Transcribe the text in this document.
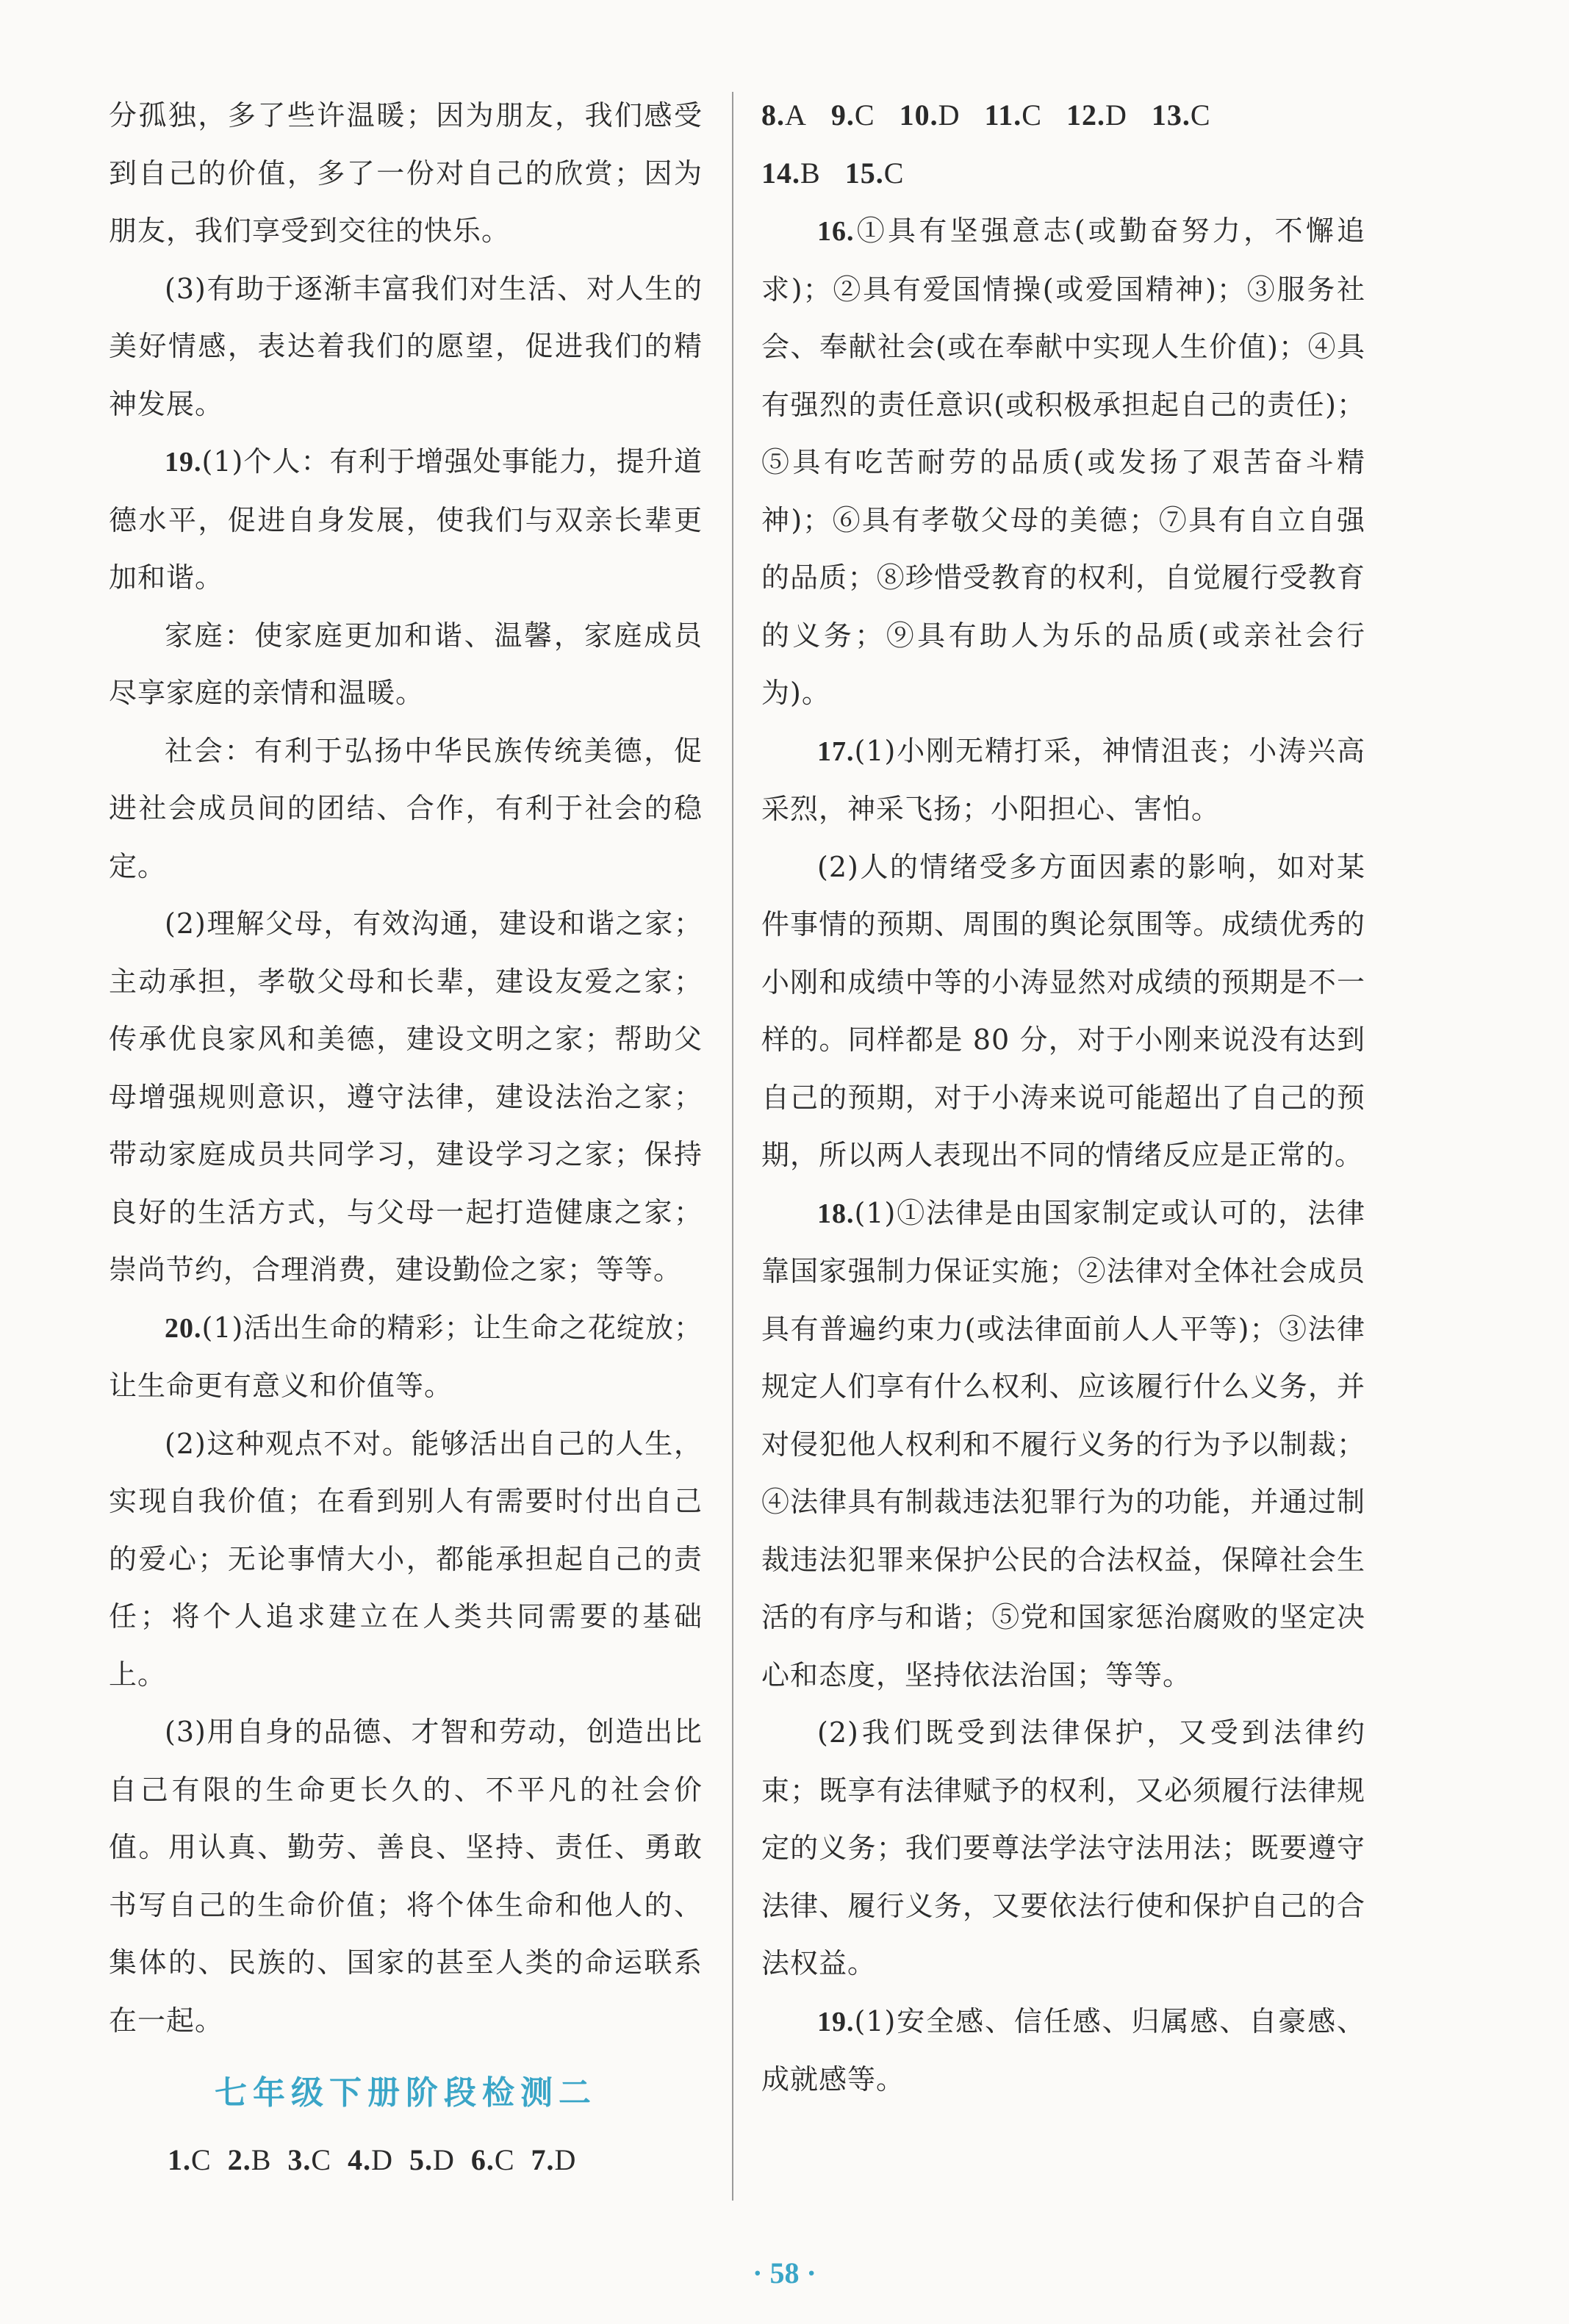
分孤独，多了些许温暖；因为朋友，我们感受到自己的价值，多了一份对自己的欣赏；因为朋友，我们享受到交往的快乐。

(3)有助于逐渐丰富我们对生活、对人生的美好情感，表达着我们的愿望，促进我们的精神发展。

19.(1)个人：有利于增强处事能力，提升道德水平，促进自身发展，使我们与双亲长辈更加和谐。

家庭：使家庭更加和谐、温馨，家庭成员尽享家庭的亲情和温暖。

社会：有利于弘扬中华民族传统美德，促进社会成员间的团结、合作，有利于社会的稳定。

(2)理解父母，有效沟通，建设和谐之家；主动承担，孝敬父母和长辈，建设友爱之家；传承优良家风和美德，建设文明之家；帮助父母增强规则意识，遵守法律，建设法治之家；带动家庭成员共同学习，建设学习之家；保持良好的生活方式，与父母一起打造健康之家；崇尚节约，合理消费，建设勤俭之家；等等。

20.(1)活出生命的精彩；让生命之花绽放；让生命更有意义和价值等。

(2)这种观点不对。能够活出自己的人生，实现自我价值；在看到别人有需要时付出自己的爱心；无论事情大小，都能承担起自己的责任；将个人追求建立在人类共同需要的基础上。

(3)用自身的品德、才智和劳动，创造出比自己有限的生命更长久的、不平凡的社会价值。用认真、勤劳、善良、坚持、责任、勇敢书写自己的生命价值；将个体生命和他人的、集体的、民族的、国家的甚至人类的命运联系在一起。

七年级下册阶段检测二

1.C 2.B 3.C 4.D 5.D 6.C 7.D

8.A 9.C 10.D 11.C 12.D 13.C
14.B 15.C

16.①具有坚强意志(或勤奋努力，不懈追求)；②具有爱国情操(或爱国精神)；③服务社会、奉献社会(或在奉献中实现人生价值)；④具有强烈的责任意识(或积极承担起自己的责任)；⑤具有吃苦耐劳的品质(或发扬了艰苦奋斗精神)；⑥具有孝敬父母的美德；⑦具有自立自强的品质；⑧珍惜受教育的权利，自觉履行受教育的义务；⑨具有助人为乐的品质(或亲社会行为)。

17.(1)小刚无精打采，神情沮丧；小涛兴高采烈，神采飞扬；小阳担心、害怕。

(2)人的情绪受多方面因素的影响，如对某件事情的预期、周围的舆论氛围等。成绩优秀的小刚和成绩中等的小涛显然对成绩的预期是不一样的。同样都是 80 分，对于小刚来说没有达到自己的预期，对于小涛来说可能超出了自己的预期，所以两人表现出不同的情绪反应是正常的。

18.(1)①法律是由国家制定或认可的，法律靠国家强制力保证实施；②法律对全体社会成员具有普遍约束力(或法律面前人人平等)；③法律规定人们享有什么权利、应该履行什么义务，并对侵犯他人权利和不履行义务的行为予以制裁；④法律具有制裁违法犯罪行为的功能，并通过制裁违法犯罪来保护公民的合法权益，保障社会生活的有序与和谐；⑤党和国家惩治腐败的坚定决心和态度，坚持依法治国；等等。

(2)我们既受到法律保护，又受到法律约束；既享有法律赋予的权利，又必须履行法律规定的义务；我们要尊法学法守法用法；既要遵守法律、履行义务，又要依法行使和保护自己的合法权益。

19.(1)安全感、信任感、归属感、自豪感、成就感等。

· 58 ·
